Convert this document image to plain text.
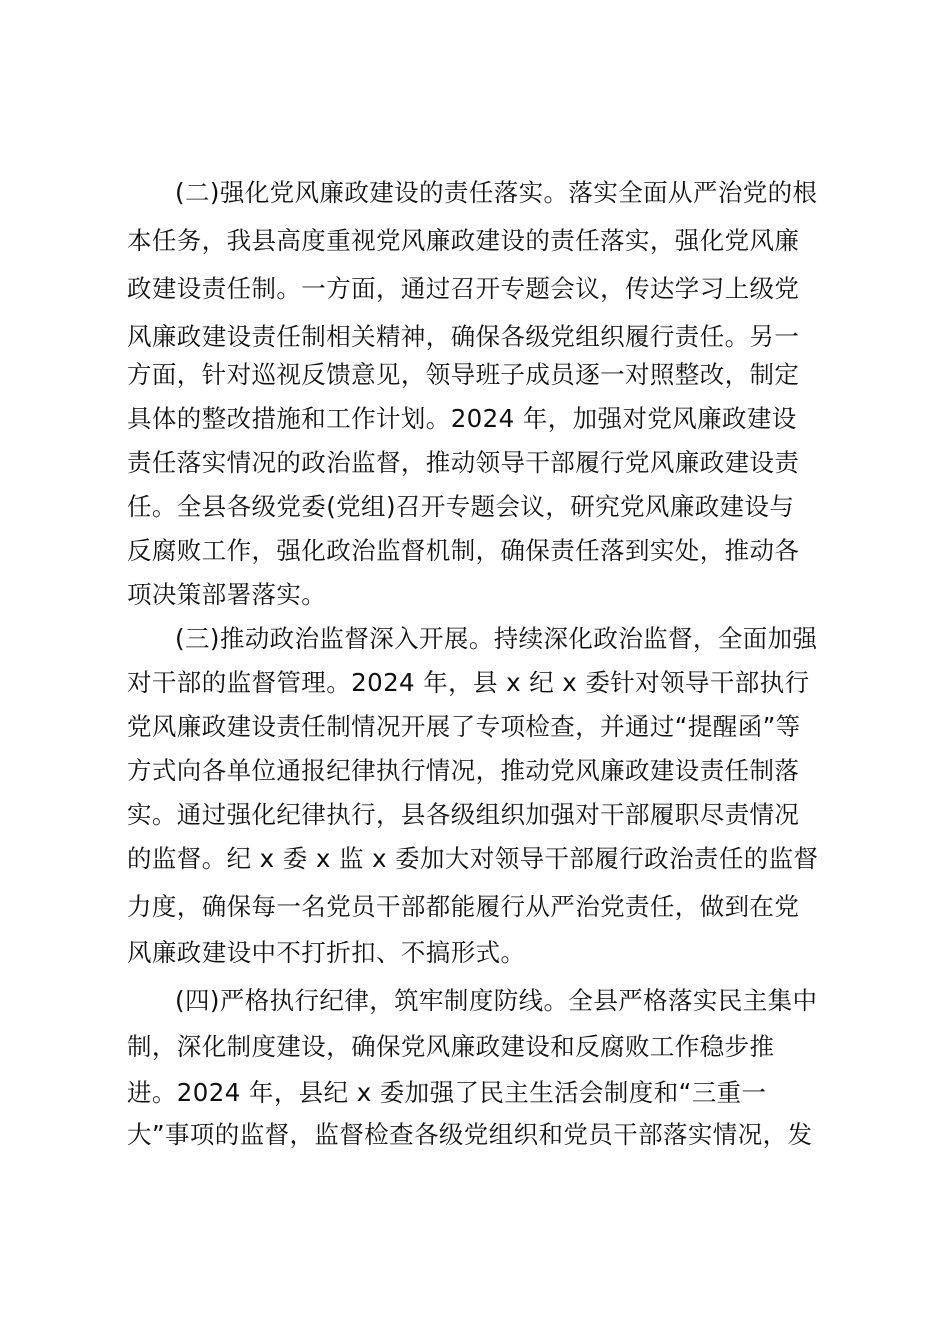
(二)强化党风廉政建设的责任落实。落实全面从严治党的根
本任务，我县高度重视党风廉政建设的责任落实，强化党风廉
政建设责任制。一方面，通过召开专题会议，传达学习上级党
风廉政建设责任制相关精神，确保各级党组织履行责任。另一
方面，针对巡视反馈意见，领导班子成员逐一对照整改，制定
具体的整改措施和工作计划。2024 年，加强对党风廉政建设
责任落实情况的政治监督，推动领导干部履行党风廉政建设责
任。全县各级党委(党组)召开专题会议，研究党风廉政建设与
反腐败工作，强化政治监督机制，确保责任落到实处，推动各
项决策部署落实。
(三)推动政治监督深入开展。持续深化政治监督，全面加强
对干部的监督管理。2024 年，县 x 纪 x 委针对领导干部执行
党风廉政建设责任制情况开展了专项检查，并通过“提醒函”等
方式向各单位通报纪律执行情况，推动党风廉政建设责任制落
实。通过强化纪律执行，县各级组织加强对干部履职尽责情况
的监督。纪 x 委 x 监 x 委加大对领导干部履行政治责任的监督
力度，确保每一名党员干部都能履行从严治党责任，做到在党
风廉政建设中不打折扣、不搞形式。
(四)严格执行纪律，筑牢制度防线。全县严格落实民主集中
制，深化制度建设，确保党风廉政建设和反腐败工作稳步推
进。2024 年，县纪 x 委加强了民主生活会制度和“三重一
大”事项的监督，监督检查各级党组织和党员干部落实情况，发
